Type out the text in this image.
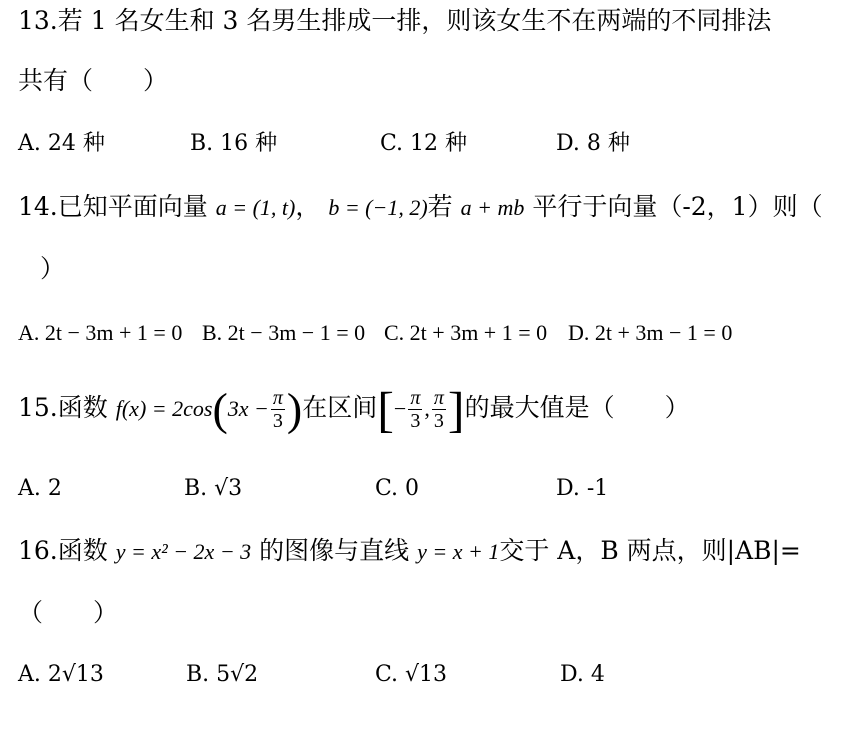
13.若 1 名女生和 3 名男生排成一排，则该女生不在两端的不同排法
共有（　　）
A. 24 种	B. 16 种	C. 12 种	D. 8 种
14.已知平面向量 a = (1, t)， b = (−1, 2)若 a + mb 平行于向量（-2，1）则（
）
A. 2t − 3m + 1 = 0 B. 2t − 3m − 1 = 0 C. 2t + 3m + 1 = 0 D. 2t + 3m − 1 = 0
15.函数 $f(x) = 2\cos(3x - \frac{\pi}{3}$ )在区间[− $\frac{\pi}{3}$ , $\frac{\pi}{3}$ ]的最大值是（　　）
A. 2	B. √3	C. 0	D. -1
16.函数 y = x² − 2x − 3 的图像与直线 y = x + 1交于 A，B 两点，则|AB|=
（　　）
A. 2√13	B. 5√2	C. √13	D. 4
